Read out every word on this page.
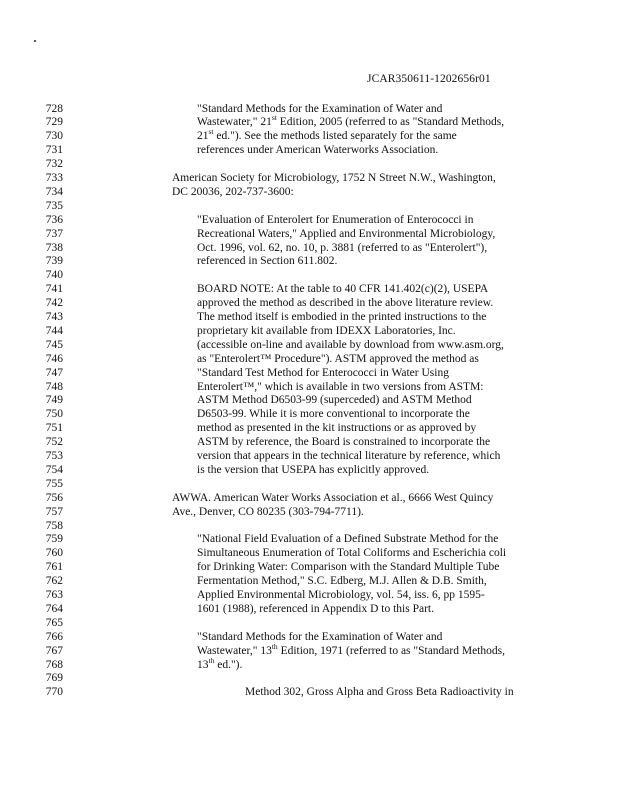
JCAR350611-1202656r01
728	"Standard Methods for the Examination of Water and
729	Wastewater," 21st Edition, 2005 (referred to as "Standard Methods,
730	21st ed."). See the methods listed separately for the same
731	references under American Waterworks Association.
732
733	American Society for Microbiology, 1752 N Street N.W., Washington,
734	DC 20036, 202-737-3600:
735
736	"Evaluation of Enterolert for Enumeration of Enterococci in
737	Recreational Waters," Applied and Environmental Microbiology,
738	Oct. 1996, vol. 62, no. 10, p. 3881 (referred to as "Enterolert"),
739	referenced in Section 611.802.
740
741	BOARD NOTE: At the table to 40 CFR 141.402(c)(2), USEPA
742	approved the method as described in the above literature review.
743	The method itself is embodied in the printed instructions to the
744	proprietary kit available from IDEXX Laboratories, Inc.
745	(accessible on-line and available by download from www.asm.org,
746	as "Enterolert™ Procedure"). ASTM approved the method as
747	"Standard Test Method for Enterococci in Water Using
748	Enterolert™," which is available in two versions from ASTM:
749	ASTM Method D6503-99 (superceded) and ASTM Method
750	D6503-99. While it is more conventional to incorporate the
751	method as presented in the kit instructions or as approved by
752	ASTM by reference, the Board is constrained to incorporate the
753	version that appears in the technical literature by reference, which
754	is the version that USEPA has explicitly approved.
755
756	AWWA. American Water Works Association et al., 6666 West Quincy
757	Ave., Denver, CO 80235 (303-794-7711).
758
759	"National Field Evaluation of a Defined Substrate Method for the
760	Simultaneous Enumeration of Total Coliforms and Escherichia coli
761	for Drinking Water: Comparison with the Standard Multiple Tube
762	Fermentation Method," S.C. Edberg, M.J. Allen & D.B. Smith,
763	Applied Environmental Microbiology, vol. 54, iss. 6, pp 1595-
764	1601 (1988), referenced in Appendix D to this Part.
765
766	"Standard Methods for the Examination of Water and
767	Wastewater," 13th Edition, 1971 (referred to as "Standard Methods,
768	13th ed.").
769
770	Method 302, Gross Alpha and Gross Beta Radioactivity in
